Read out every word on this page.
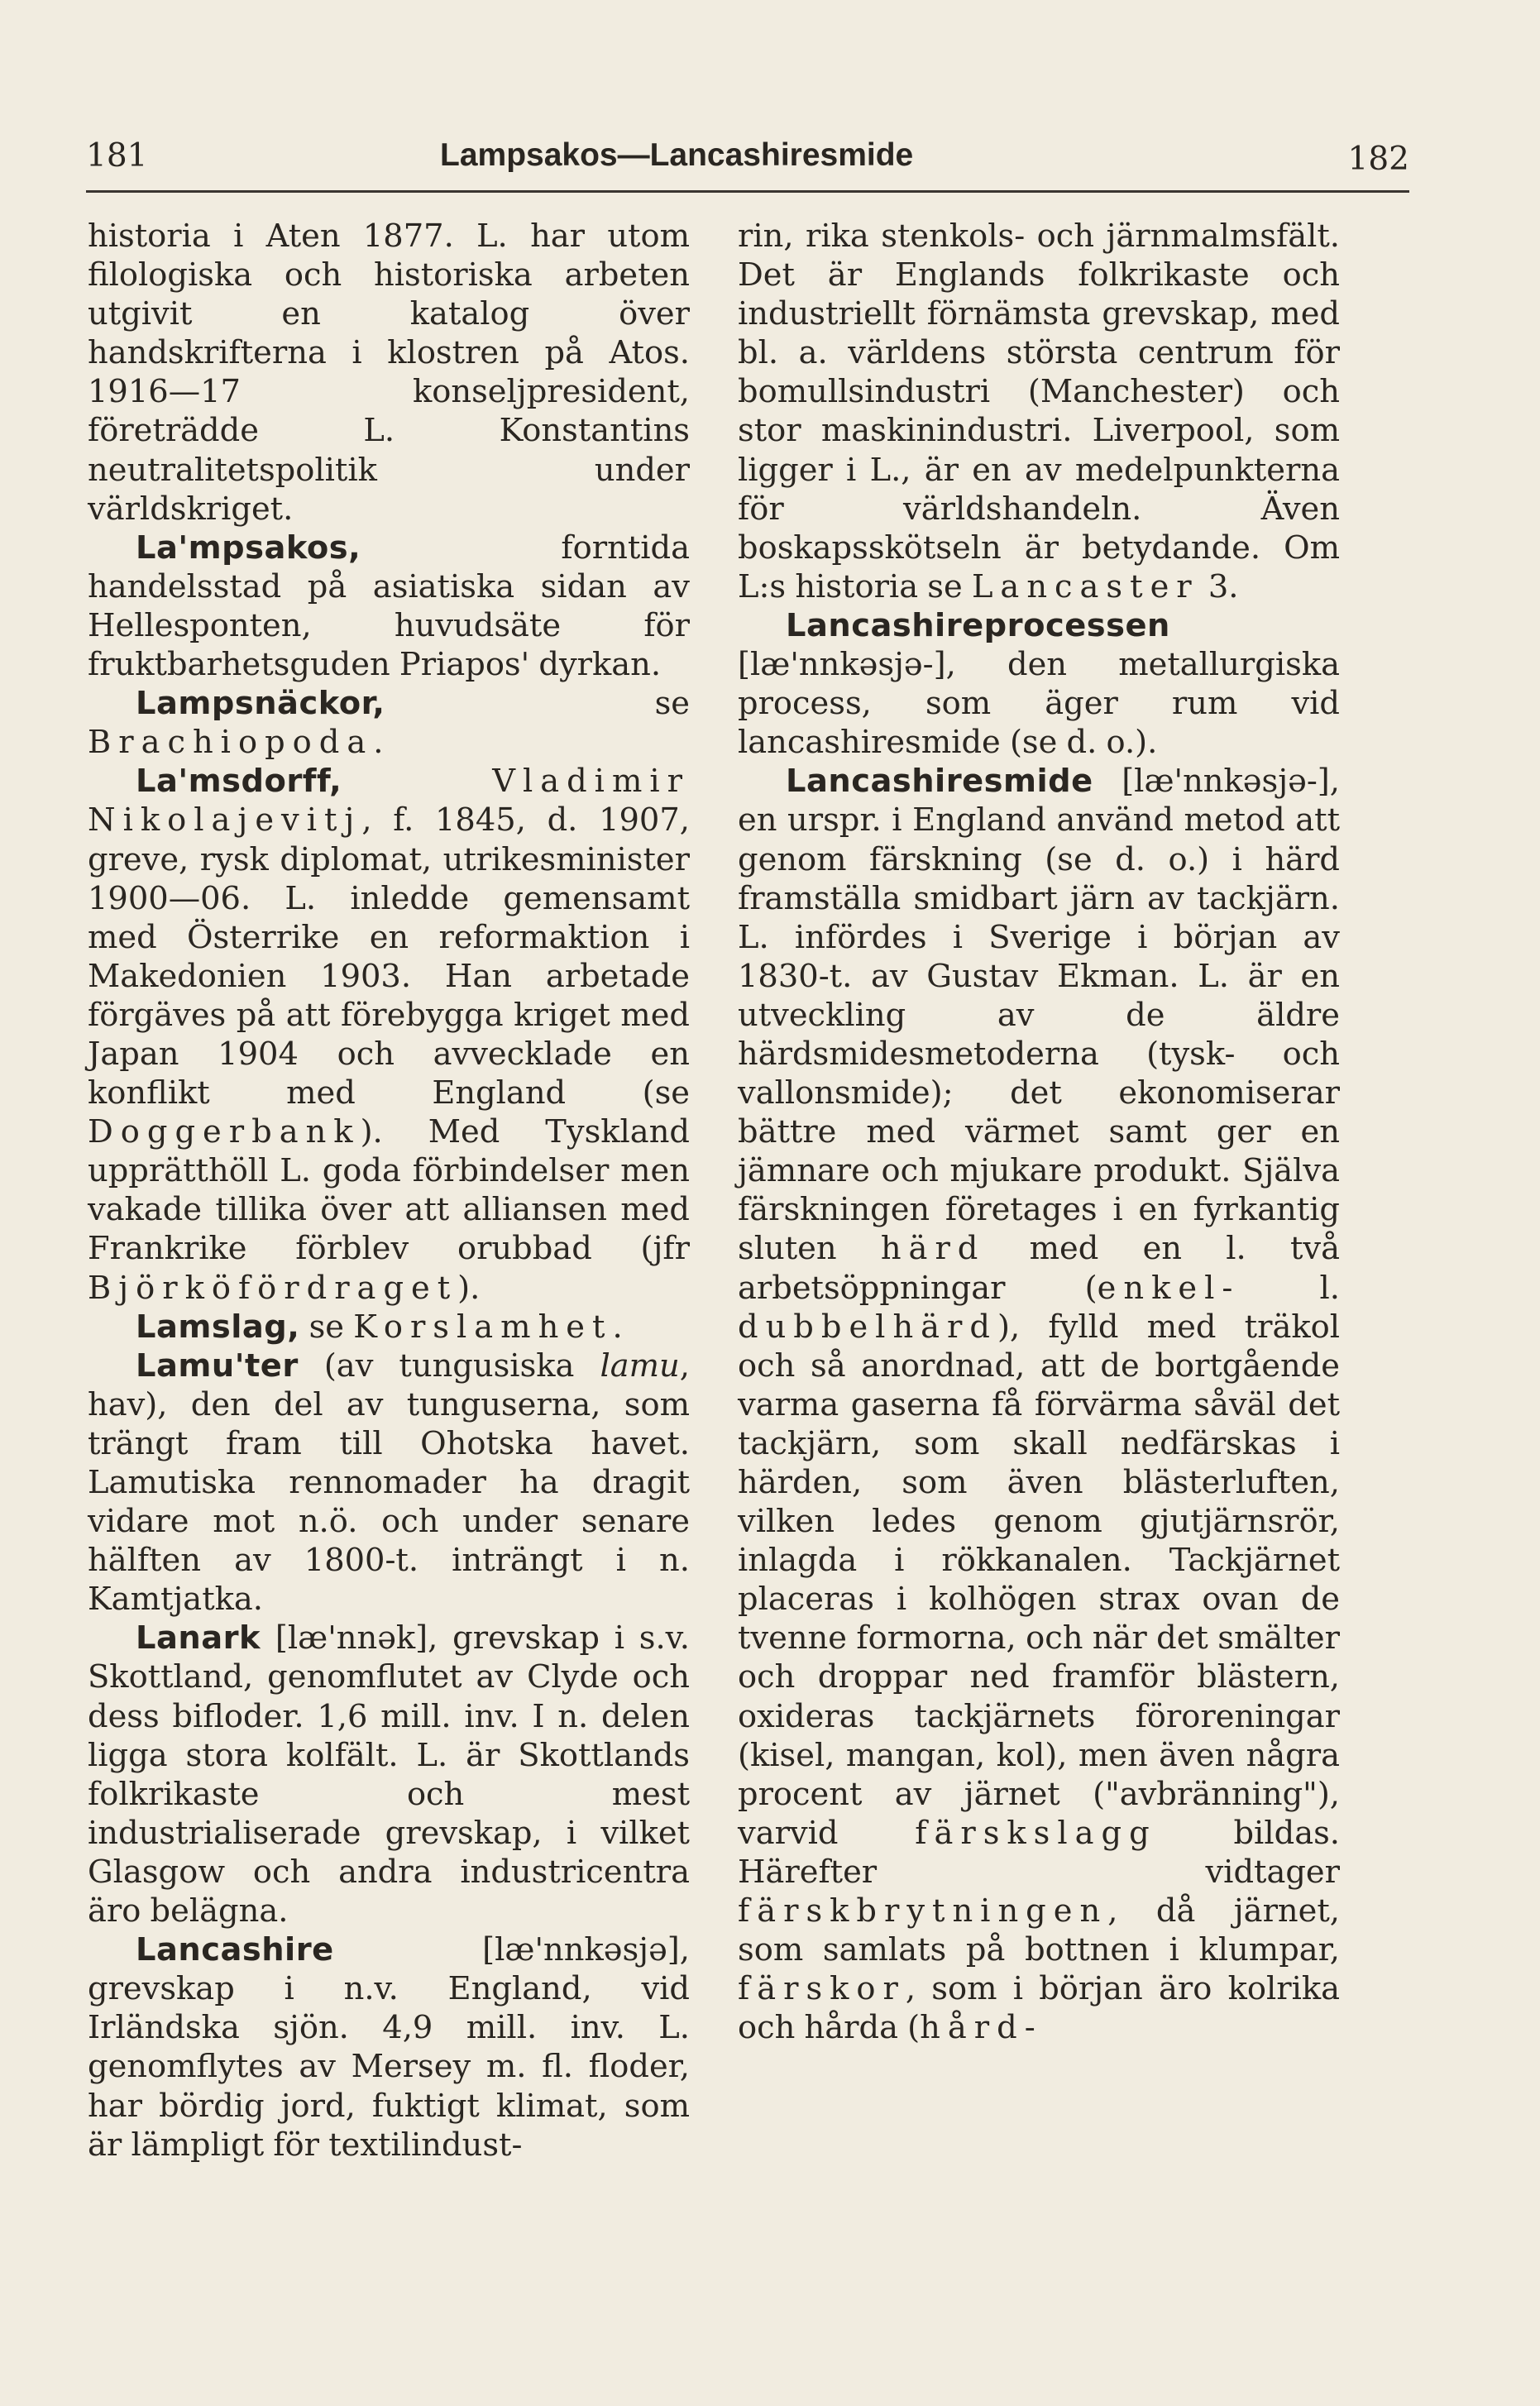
181	Lampsakos—Lancashiresmide	182

historia i Aten 1877. L. har utom filologiska och historiska arbeten utgivit en katalog över handskrifterna i klostren på Atos. 1916—17 konseljpresident, företrädde L. Konstantins neutralitetspolitik under världskriget.

La'mpsakos, forntida handelsstad på asiatiska sidan av Hellesponten, huvudsäte för fruktbarhetsguden Priapos' dyrkan.

Lampsnäckor, se Brachiopoda.

La'msdorff,	Vladimir Nikolajevitj, f. 1845, d. 1907, greve, rysk diplomat, utrikesminister 1900—06. L. inledde gemensamt med Österrike en reformaktion i Makedonien 1903. Han arbetade förgäves på att förebygga kriget med Japan 1904 och avvecklade en konflikt med England (se Doggerbank). Med Tyskland upprätthöll L. goda förbindelser men vakade tillika över att alliansen med Frankrike förblev orubbad (jfr Björköfördraget).

Lamslag, se Korslamhet.

Lamu'ter (av tungusiska lamu, hav), den del av tunguserna, som trängt fram till Ohotska havet. Lamutiska rennomader ha dragit vidare mot n.ö. och under senare hälften av 1800-t. inträngt i n. Kamtjatka.

Lanark [læ'nnək], grevskap i s.v. Skottland, genomflutet av Clyde och dess bifloder. 1,6 mill. inv. I n. delen ligga stora kolfält. L. är Skottlands folkrikaste och mest industrialiserade grevskap, i vilket Glasgow och andra industricentra äro belägna.

Lancashire [læ'nnkəsjə], grevskap i n.v. England, vid Irländska sjön. 4,9 mill. inv. L. genomflytes av Mersey m. fl. floder, har bördig jord, fuktigt klimat, som är lämpligt för textilindust-

rin, rika stenkols- och järnmalmsfält. Det är Englands folkrikaste och industriellt förnämsta grevskap, med bl. a. världens största centrum för bomullsindustri (Manchester) och stor maskinindustri. Liverpool, som ligger i L., är en av medelpunkterna för världshandeln. Även boskapsskötseln är betydande. Om L:s historia se Lancaster 3.

Lancashireprocessen [læ'nnkəsjə-], den metallurgiska process, som äger rum vid lancashiresmide (se d. o.).

Lancashiresmide [læ'nnkəsjə-], en urspr. i England använd metod att genom färskning (se d. o.) i härd framställa smidbart järn av tackjärn. L. infördes i Sverige i början av 1830-t. av Gustav Ekman. L. är en utveckling av de äldre härdsmidesmetoderna (tysk- och vallonsmide); det ekonomiserar bättre med värmet samt ger en jämnare och mjukare produkt. Själva färskningen företages i en fyrkantig sluten härd med en l. två arbetsöppningar (enkel- l. dubbelhärd), fylld med träkol och så anordnad, att de bortgående varma gaserna få förvärma såväl det tackjärn, som skall nedfärskas i härden, som även blästerluften, vilken ledes genom gjutjärnsrör, inlagda i rökkanalen. Tackjärnet placeras i kolhögen strax ovan de tvenne formorna, och när det smälter och droppar ned framför blästern, oxideras tackjärnets föroreningar (kisel, mangan, kol), men även några procent av järnet ("avbränning"), varvid färskslagg bildas. Härefter vidtager färskbrytningen, då järnet, som samlats på bottnen i klumpar, färskor, som i början äro kolrika och hårda (hård-
